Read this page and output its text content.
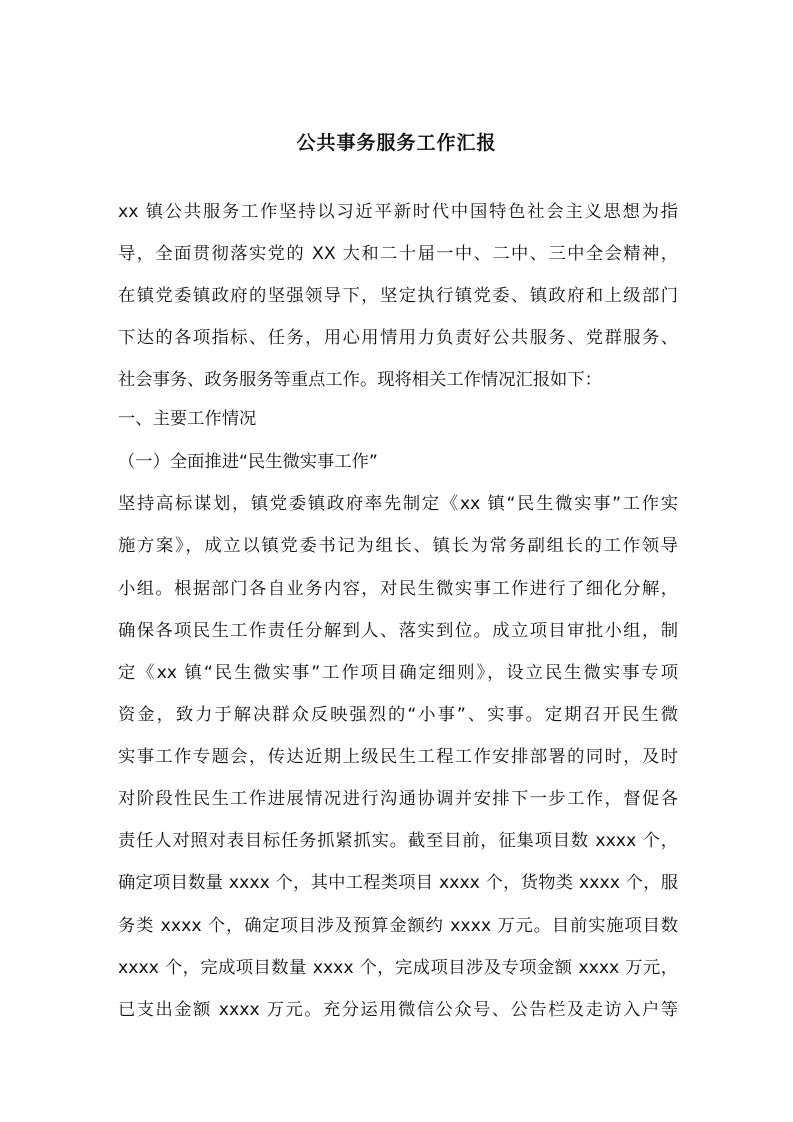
公共事务服务工作汇报

xx 镇公共服务工作坚持以习近平新时代中国特色社会主义思想为指

导，全面贯彻落实党的 XX 大和二十届一中、二中、三中全会精神，

在镇党委镇政府的坚强领导下，坚定执行镇党委、镇政府和上级部门

下达的各项指标、任务，用心用情用力负责好公共服务、党群服务、

社会事务、政务服务等重点工作。现将相关工作情况汇报如下：

一、主要工作情况

（一）全面推进“民生微实事工作”

坚持高标谋划，镇党委镇政府率先制定《xx 镇“民生微实事”工作实

施方案》，成立以镇党委书记为组长、镇长为常务副组长的工作领导

小组。根据部门各自业务内容，对民生微实事工作进行了细化分解，

确保各项民生工作责任分解到人、落实到位。成立项目审批小组，制

定《xx 镇“民生微实事”工作项目确定细则》，设立民生微实事专项

资金，致力于解决群众反映强烈的“小事”、实事。定期召开民生微

实事工作专题会，传达近期上级民生工程工作安排部署的同时，及时

对阶段性民生工作进展情况进行沟通协调并安排下一步工作，督促各

责任人对照对表目标任务抓紧抓实。截至目前，征集项目数 xxxx 个，

确定项目数量 xxxx 个，其中工程类项目 xxxx 个，货物类 xxxx 个，服

务类 xxxx 个，确定项目涉及预算金额约 xxxx 万元。目前实施项目数

xxxx 个，完成项目数量 xxxx 个，完成项目涉及专项金额 xxxx 万元，

已支出金额 xxxx 万元。充分运用微信公众号、公告栏及走访入户等
